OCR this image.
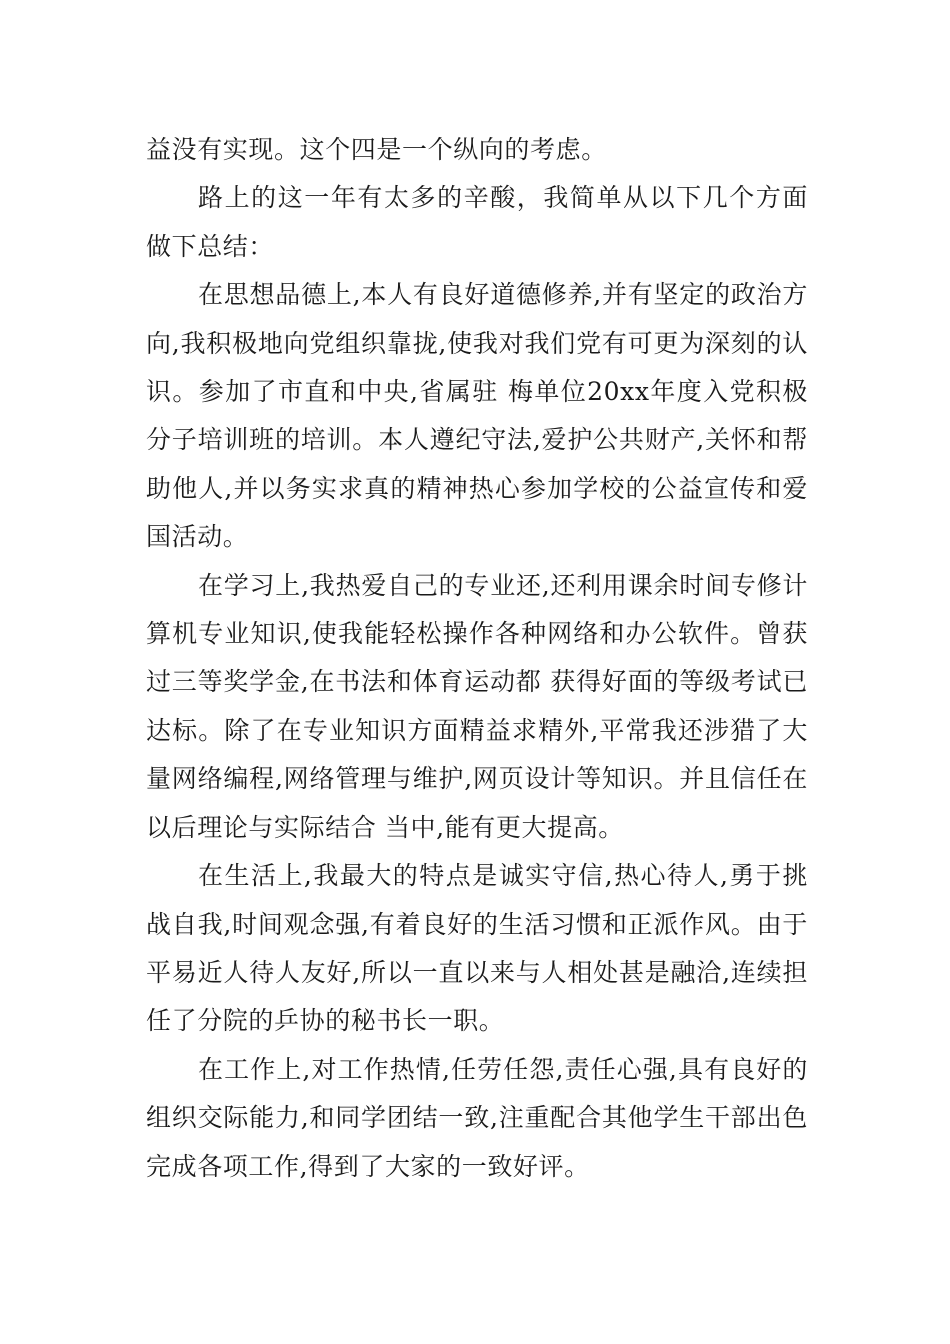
益没有实现。这个四是一个纵向的考虑。

路上的这一年有太多的辛酸，我简单从以下几个方面做下总结：

在思想品德上,本人有良好道德修养,并有坚定的政治方向,我积极地向党组织靠拢,使我对我们党有可更为深刻的认识。参加了市直和中央,省属驻 梅单位20xx年度入党积极分子培训班的培训。本人遵纪守法,爱护公共财产,关怀和帮助他人,并以务实求真的精神热心参加学校的公益宣传和爱国活动。

在学习上,我热爱自己的专业还,还利用课余时间专修计算机专业知识,使我能轻松操作各种网络和办公软件。曾获过三等奖学金,在书法和体育运动都 获得好面的等级考试已达标。除了在专业知识方面精益求精外,平常我还涉猎了大量网络编程,网络管理与维护,网页设计等知识。并且信任在以后理论与实际结合 当中,能有更大提高。

在生活上,我最大的特点是诚实守信,热心待人,勇于挑战自我,时间观念强,有着良好的生活习惯和正派作风。由于平易近人待人友好,所以一直以来与人相处甚是融洽,连续担任了分院的乒协的秘书长一职。

在工作上,对工作热情,任劳任怨,责任心强,具有良好的组织交际能力,和同学团结一致,注重配合其他学生干部出色完成各项工作,得到了大家的一致好评。
